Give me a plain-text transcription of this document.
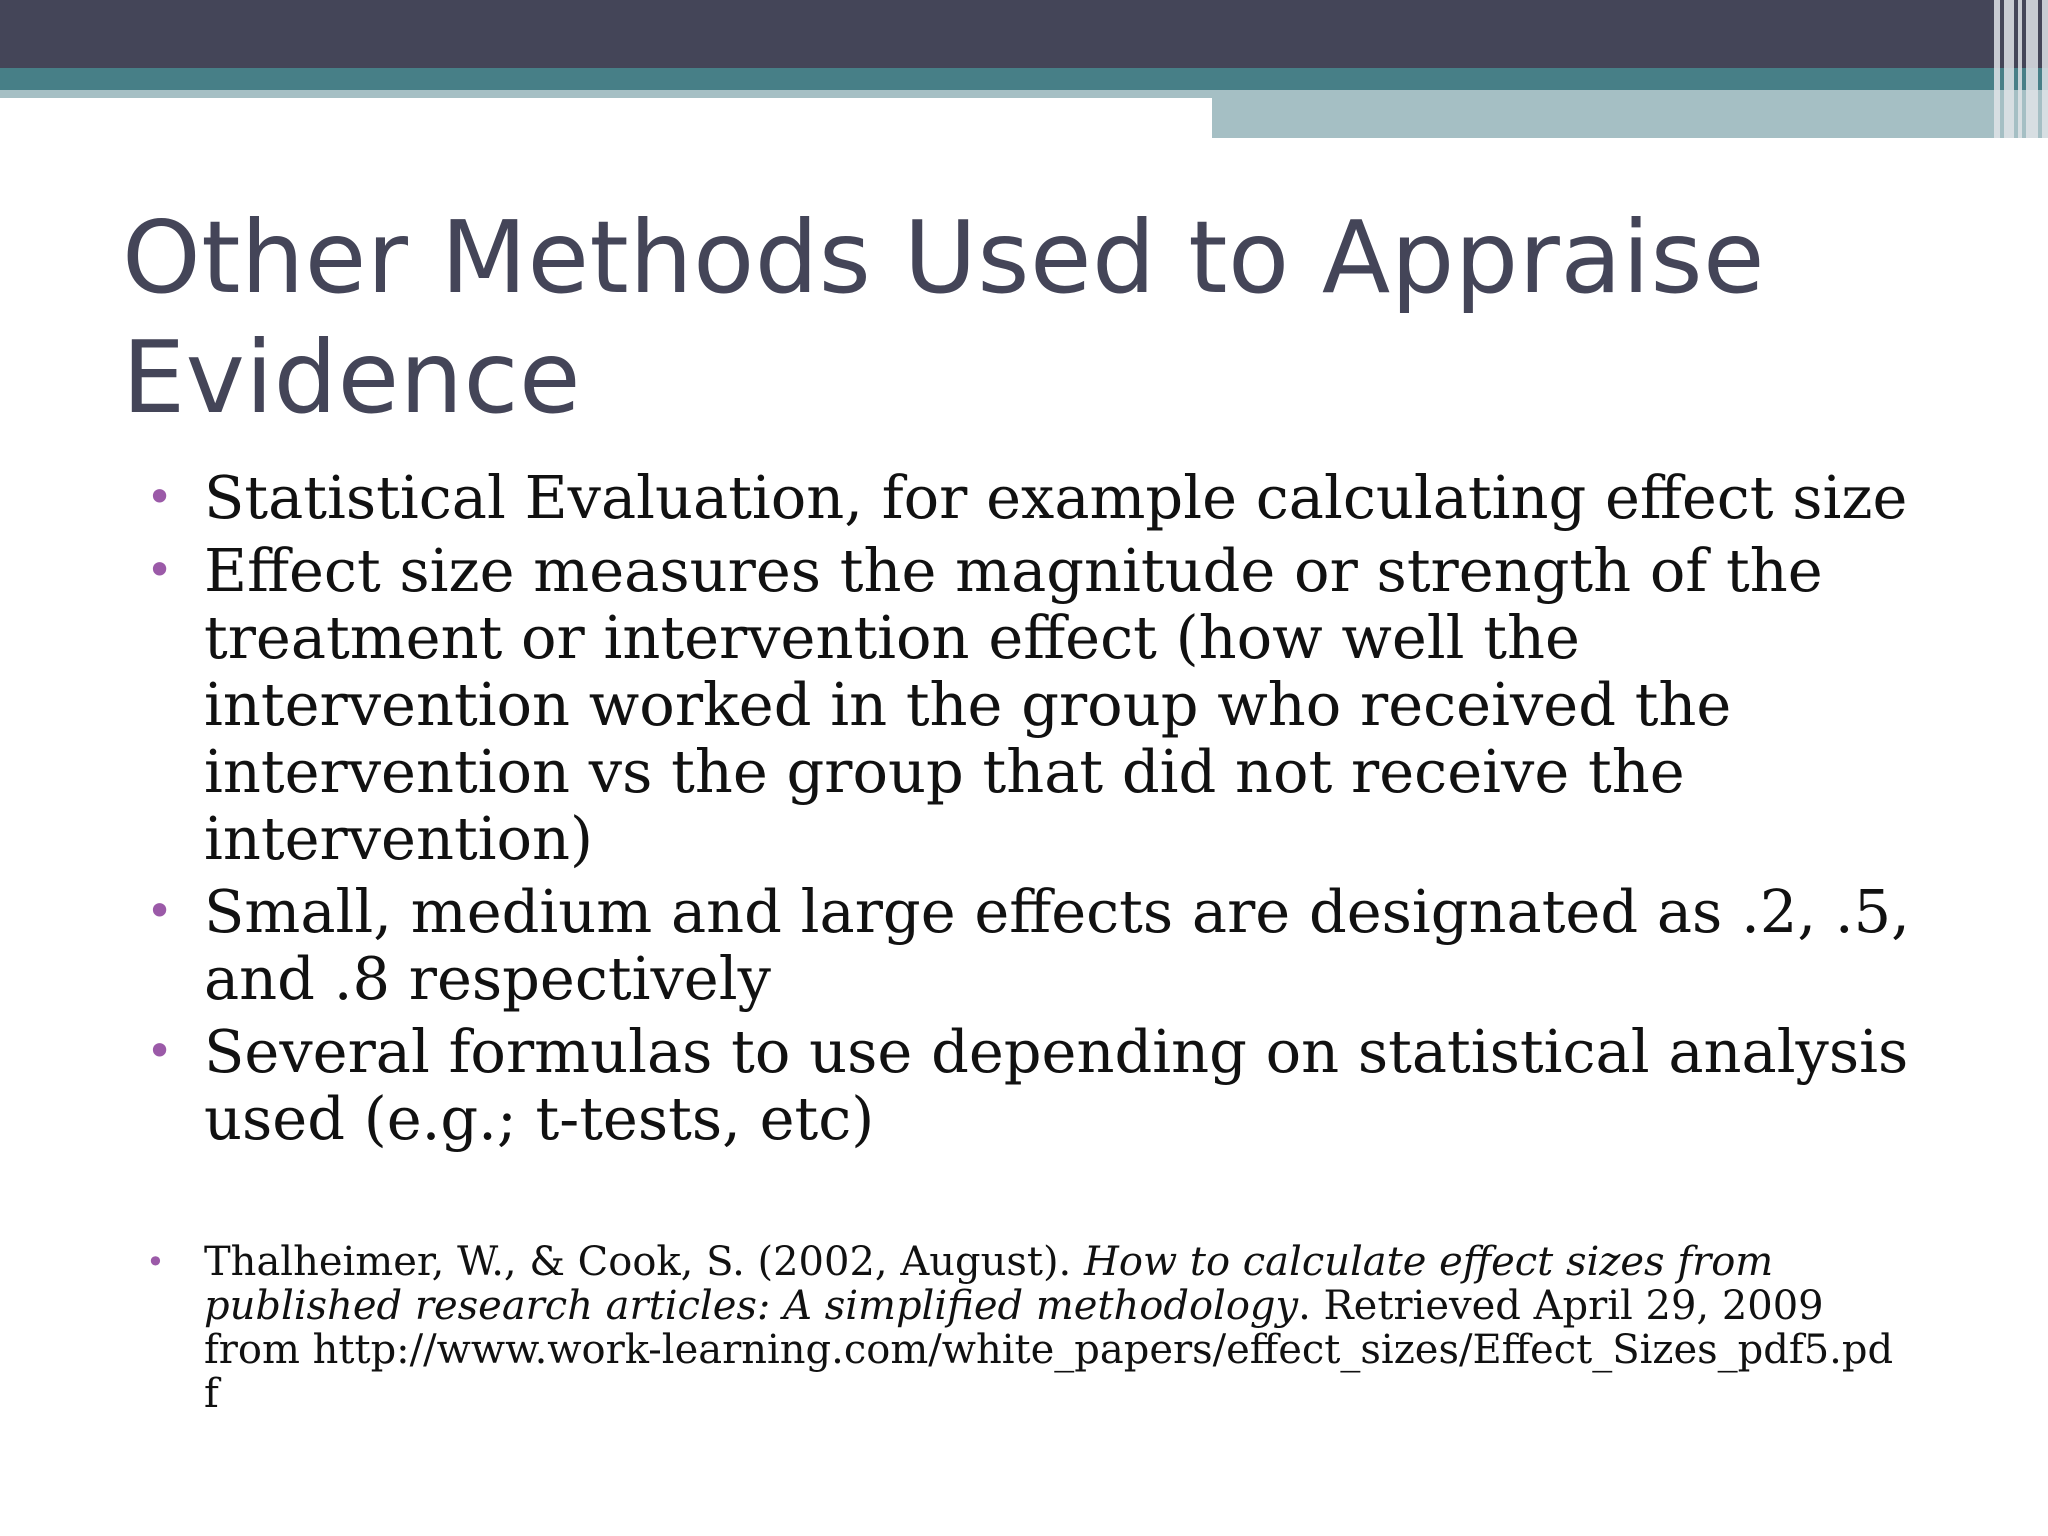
Other Methods Used to Appraise Evidence
• Statistical Evaluation, for example calculating effect size
• Effect size measures the magnitude or strength of the treatment or intervention effect (how well the intervention worked in the group who received the intervention vs the group that did not receive the intervention)
• Small, medium and large effects are designated as .2, .5, and .8 respectively
• Several formulas to use depending on statistical analysis used (e.g.; t-tests, etc)
• Thalheimer, W., & Cook, S. (2002, August). How to calculate effect sizes from published research articles: A simplified methodology. Retrieved April 29, 2009 from http://www.work-learning.com/white_papers/effect_sizes/Effect_Sizes_pdf5.pdf
